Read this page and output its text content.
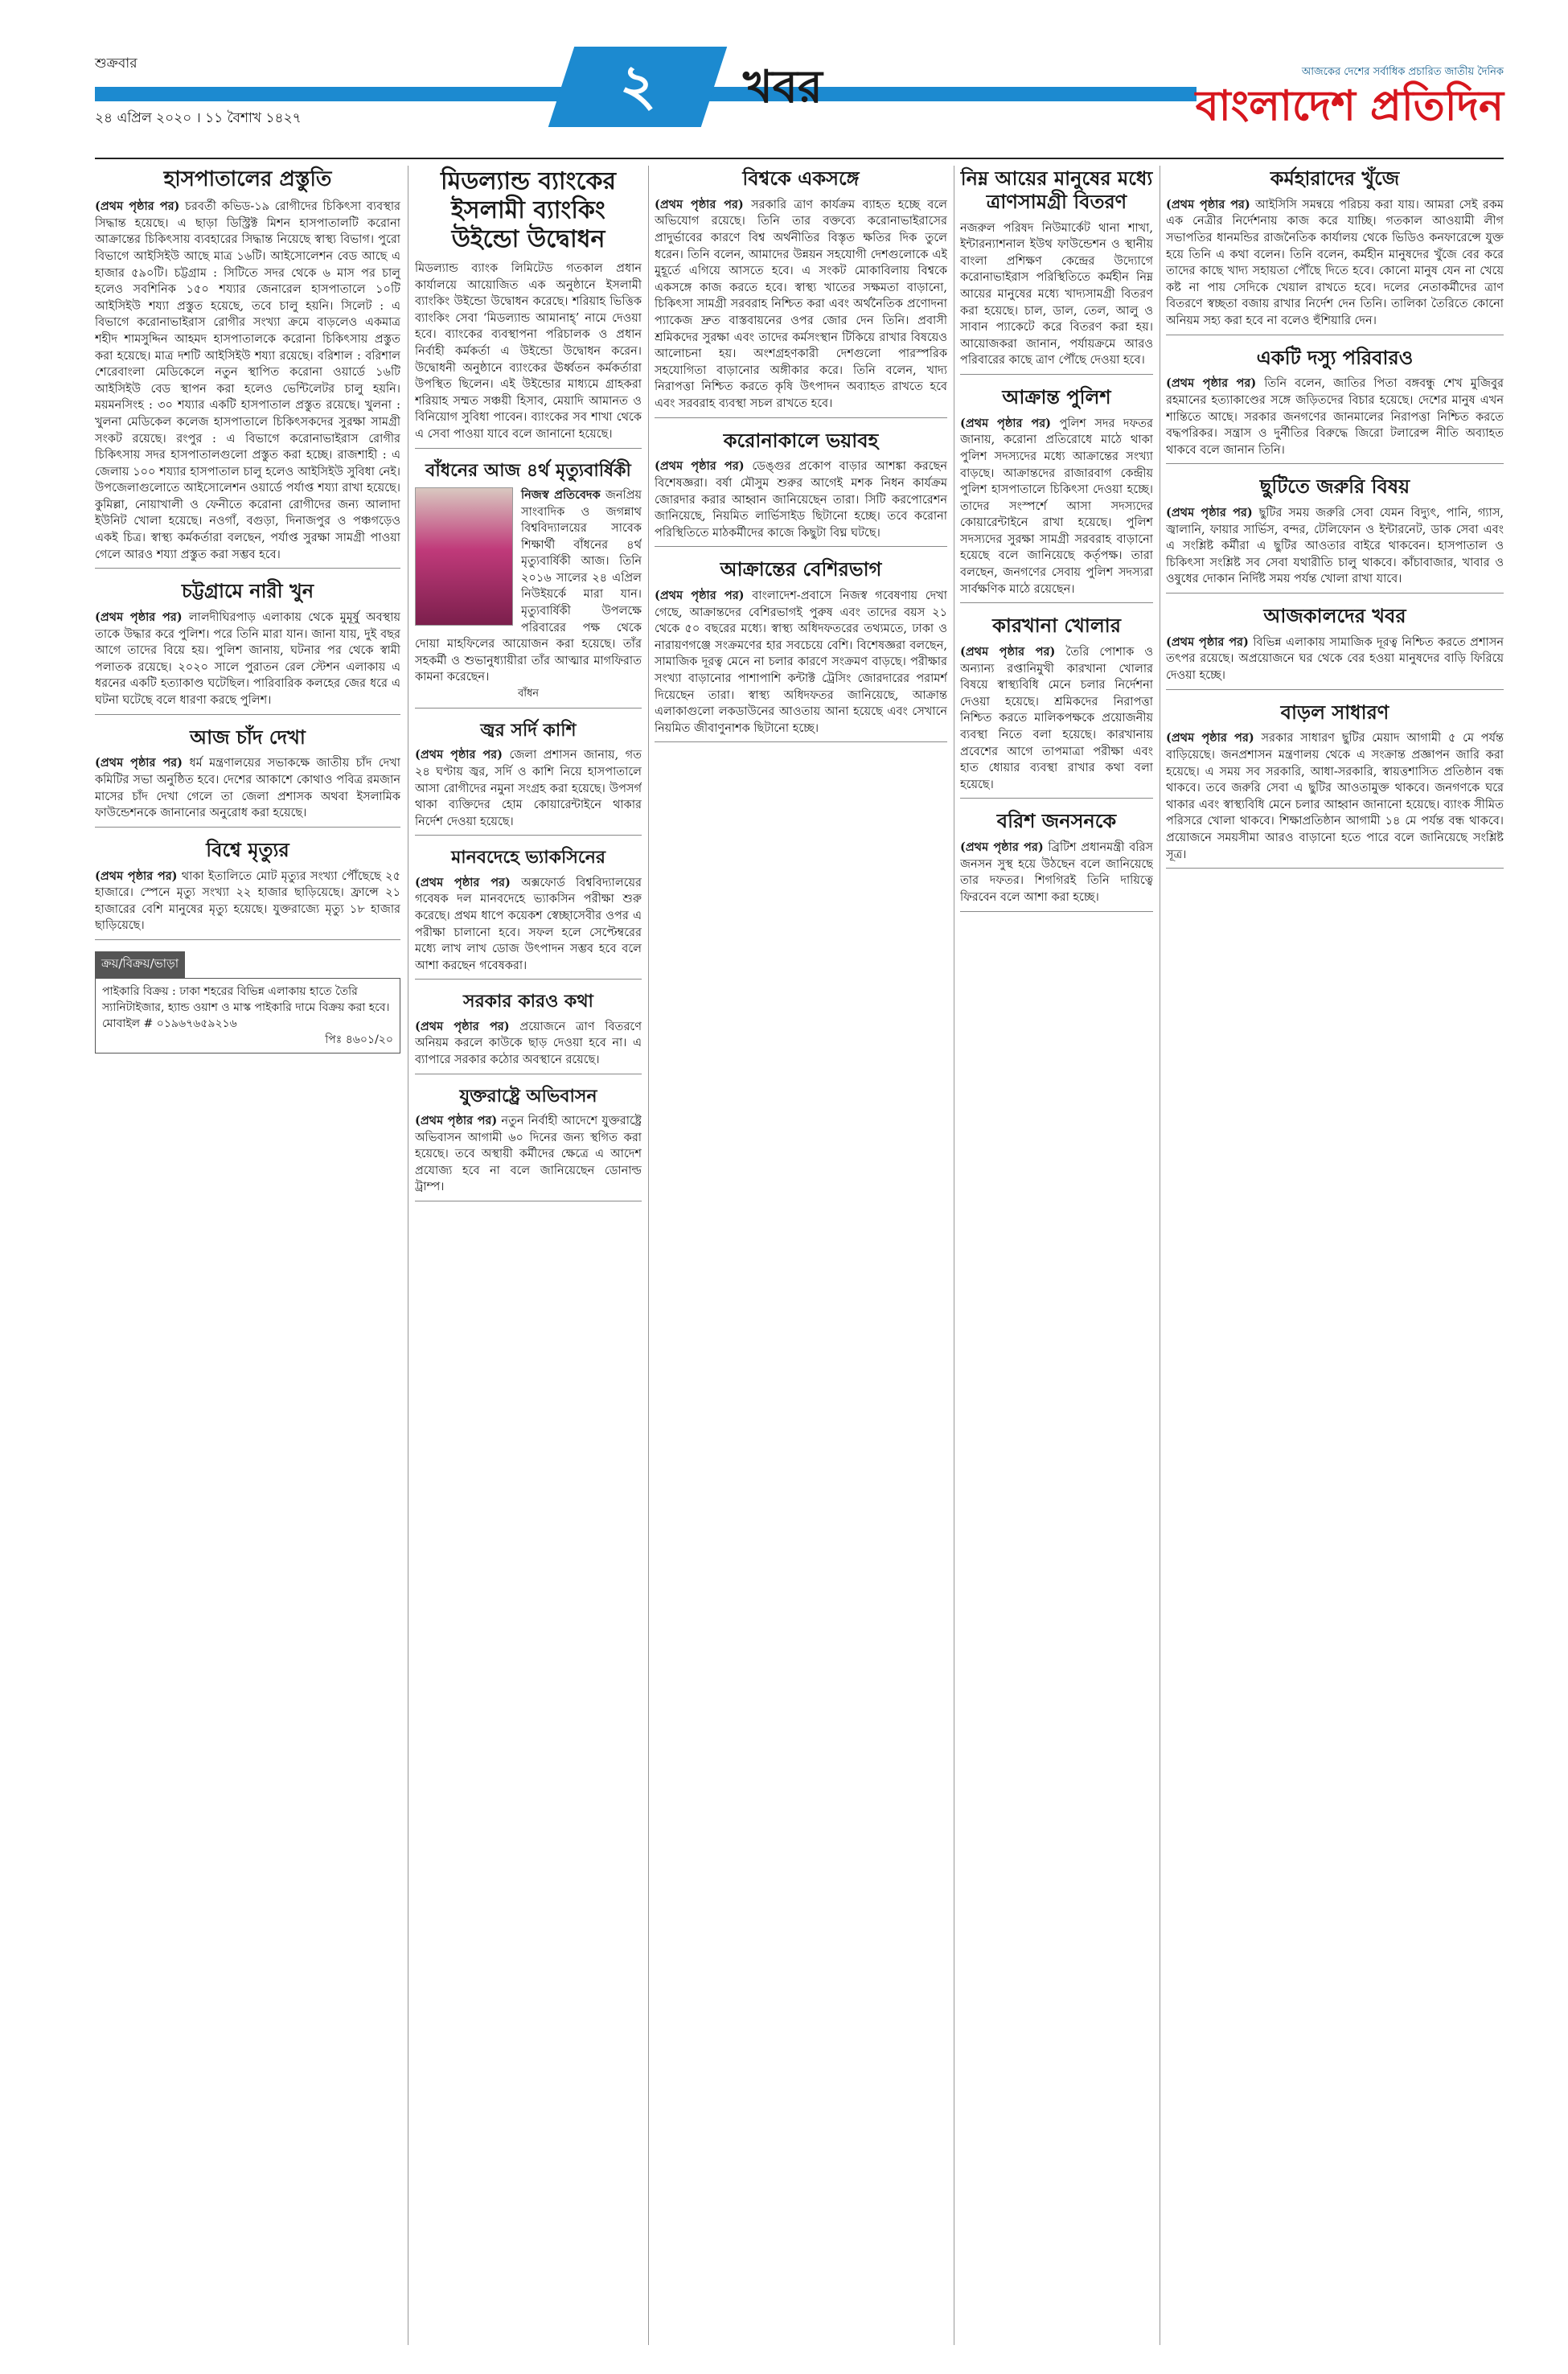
শুক্রবার
২৪ এপ্রিল ২০২০ । ১১ বৈশাখ ১৪২৭	২	খবর	আজকের দেশের সর্বাধিক প্রচারিত জাতীয় দৈনিক
বাংলাদেশ প্রতিদিন
হাসপাতালের প্রস্তুতি

(প্রথম পৃষ্ঠার পর) চরবর্তী কভিড-১৯ রোগীদের চিকিৎসা ব্যবস্থার সিদ্ধান্ত হয়েছে। এ ছাড়া ডিস্ট্রিক্ট মিশন হাসপাতালটি করোনা আক্রান্তের চিকিৎসায় ব্যবহারের সিদ্ধান্ত নিয়েছে স্বাস্থ্য বিভাগ। পুরো বিভাগে আইসিইউ আছে মাত্র ১৬টি। আইসোলেশন বেড আছে এ হাজার ৫৯০টি। চট্টগ্রাম : সিটিতে সদর থেকে ৬ মাস পর চালু হলেও সবশিনিক ১৫০ শয্যার জেনারেল হাসপাতালে ১০টি আইসিইউ শয্যা প্রস্তুত হয়েছে, তবে চালু হয়নি। সিলেট : এ বিভাগে করোনাভাইরাস রোগীর সংখ্যা ক্রমে বাড়লেও একমাত্র শহীদ শামসুদ্দিন আহমদ হাসপাতালকে করোনা চিকিৎসায় প্রস্তুত করা হয়েছে। মাত্র দশটি আইসিইউ শয্যা রয়েছে। বরিশাল : বরিশাল শেরেবাংলা মেডিকেলে নতুন স্থাপিত করোনা ওয়ার্ডে ১৬টি আইসিইউ বেড স্থাপন করা হলেও ভেন্টিলেটর চালু হয়নি। ময়মনসিংহ : ৩০ শয্যার একটি হাসপাতাল প্রস্তুত রয়েছে। খুলনা : খুলনা মেডিকেল কলেজ হাসপাতালে চিকিৎসকদের সুরক্ষা সামগ্রী সংকট রয়েছে। রংপুর : এ বিভাগে করোনাভাইরাস রোগীর চিকিৎসায় সদর হাসপাতালগুলো প্রস্তুত করা হচ্ছে। রাজশাহী : এ জেলায় ১০০ শয্যার হাসপাতাল চালু হলেও আইসিইউ সুবিধা নেই। উপজেলাগুলোতে আইসোলেশন ওয়ার্ডে পর্যাপ্ত শয্যা রাখা হয়েছে। কুমিল্লা, নোয়াখালী ও ফেনীতে করোনা রোগীদের জন্য আলাদা ইউনিট খোলা হয়েছে। নওগাঁ, বগুড়া, দিনাজপুর ও পঞ্চগড়েও একই চিত্র। স্বাস্থ্য কর্মকর্তারা বলছেন, পর্যাপ্ত সুরক্ষা সামগ্রী পাওয়া গেলে আরও শয্যা প্রস্তুত করা সম্ভব হবে।

চট্টগ্রামে নারী খুন

(প্রথম পৃষ্ঠার পর) লালদীঘিরপাড় এলাকায় থেকে মুমূর্ষু অবস্থায় তাকে উদ্ধার করে পুলিশ। পরে তিনি মারা যান। জানা যায়, দুই বছর আগে তাদের বিয়ে হয়। পুলিশ জানায়, ঘটনার পর থেকে স্বামী পলাতক রয়েছে। ২০২০ সালে পুরাতন রেল স্টেশন এলাকায় এ ধরনের একটি হত্যাকাণ্ড ঘটেছিল। পারিবারিক কলহের জের ধরে এ ঘটনা ঘটেছে বলে ধারণা করছে পুলিশ।

আজ চাঁদ দেখা

(প্রথম পৃষ্ঠার পর) ধর্ম মন্ত্রণালয়ের সভাকক্ষে জাতীয় চাঁদ দেখা কমিটির সভা অনুষ্ঠিত হবে। দেশের আকাশে কোথাও পবিত্র রমজান মাসের চাঁদ দেখা গেলে তা জেলা প্রশাসক অথবা ইসলামিক ফাউন্ডেশনকে জানানোর অনুরোধ করা হয়েছে।

বিশ্বে মৃত্যুর

(প্রথম পৃষ্ঠার পর) থাকা ইতালিতে মোট মৃত্যুর সংখ্যা পৌঁছেছে ২৫ হাজারে। স্পেনে মৃত্যু সংখ্যা ২২ হাজার ছাড়িয়েছে। ফ্রান্সে ২১ হাজারের বেশি মানুষের মৃত্যু হয়েছে। যুক্তরাজ্যে মৃত্যু ১৮ হাজার ছাড়িয়েছে।

ক্রয়/বিক্রয়/ভাড়া
পাইকারি বিক্রয় : ঢাকা শহরের বিভিন্ন এলাকায় হাতে তৈরি স্যানিটাইজার, হ্যান্ড ওয়াশ ও মাস্ক পাইকারি দামে বিক্রয় করা হবে। মোবাইল # ০১৯৬৭৬৫৯২১৬
পিঃ ৪৬০১/২০
মিডল্যান্ড ব্যাংকের ইসলামী ব্যাংকিং উইন্ডো উদ্বোধন

মিডল্যান্ড ব্যাংক লিমিটেড গতকাল প্রধান কার্যালয়ে আয়োজিত এক অনুষ্ঠানে ইসলামী ব্যাংকিং উইন্ডো উদ্বোধন করেছে। শরিয়াহ ভিত্তিক ব্যাংকিং সেবা ‘মিডল্যান্ড আমানাহ্’ নামে দেওয়া হবে। ব্যাংকের ব্যবস্থাপনা পরিচালক ও প্রধান নির্বাহী কর্মকর্তা এ উইন্ডো উদ্বোধন করেন। উদ্বোধনী অনুষ্ঠানে ব্যাংকের ঊর্ধ্বতন কর্মকর্তারা উপস্থিত ছিলেন। এই উইন্ডোর মাধ্যমে গ্রাহকরা শরিয়াহ সম্মত সঞ্চয়ী হিসাব, মেয়াদি আমানত ও বিনিয়োগ সুবিধা পাবেন। ব্যাংকের সব শাখা থেকে এ সেবা পাওয়া যাবে বলে জানানো হয়েছে।

বাঁধনের আজ ৪র্থ মৃত্যুবার্ষিকী

নিজস্ব প্রতিবেদক জনপ্রিয় সাংবাদিক ও জগন্নাথ বিশ্ববিদ্যালয়ের সাবেক শিক্ষার্থী বাঁধনের ৪র্থ মৃত্যুবার্ষিকী আজ। তিনি ২০১৬ সালের ২৪ এপ্রিল নিউইয়র্কে মারা যান। মৃত্যুবার্ষিকী উপলক্ষে পরিবারের পক্ষ থেকে দোয়া মাহফিলের আয়োজন করা হয়েছে। তাঁর সহকর্মী ও শুভানুধ্যায়ীরা তাঁর আত্মার মাগফিরাত কামনা করেছেন।

বাঁধন
জ্বর সর্দি কাশি

(প্রথম পৃষ্ঠার পর) জেলা প্রশাসন জানায়, গত ২৪ ঘণ্টায় জ্বর, সর্দি ও কাশি নিয়ে হাসপাতালে আসা রোগীদের নমুনা সংগ্রহ করা হয়েছে। উপসর্গ থাকা ব্যক্তিদের হোম কোয়ারেন্টাইনে থাকার নির্দেশ দেওয়া হয়েছে।

মানবদেহে ভ্যাকসিনের

(প্রথম পৃষ্ঠার পর) অক্সফোর্ড বিশ্ববিদ্যালয়ের গবেষক দল মানবদেহে ভ্যাকসিন পরীক্ষা শুরু করেছে। প্রথম ধাপে কয়েকশ স্বেচ্ছাসেবীর ওপর এ পরীক্ষা চালানো হবে। সফল হলে সেপ্টেম্বরের মধ্যে লাখ লাখ ডোজ উৎপাদন সম্ভব হবে বলে আশা করছেন গবেষকরা।

সরকার কারও কথা

(প্রথম পৃষ্ঠার পর) প্রয়োজনে ত্রাণ বিতরণে অনিয়ম করলে কাউকে ছাড় দেওয়া হবে না। এ ব্যাপারে সরকার কঠোর অবস্থানে রয়েছে।

যুক্তরাষ্ট্রে অভিবাসন

(প্রথম পৃষ্ঠার পর) নতুন নির্বাহী আদেশে যুক্তরাষ্ট্রে অভিবাসন আগামী ৬০ দিনের জন্য স্থগিত করা হয়েছে। তবে অস্থায়ী কর্মীদের ক্ষেত্রে এ আদেশ প্রযোজ্য হবে না বলে জানিয়েছেন ডোনাল্ড ট্রাম্প।

বিশ্বকে একসঙ্গে

(প্রথম পৃষ্ঠার পর) সরকারি ত্রাণ কার্যক্রম ব্যাহত হচ্ছে বলে অভিযোগ রয়েছে। তিনি তার বক্তব্যে করোনাভাইরাসের প্রাদুর্ভাবের কারণে বিশ্ব অর্থনীতির বিস্তৃত ক্ষতির দিক তুলে ধরেন। তিনি বলেন, আমাদের উন্নয়ন সহযোগী দেশগুলোকে এই মুহূর্তে এগিয়ে আসতে হবে। এ সংকট মোকাবিলায় বিশ্বকে একসঙ্গে কাজ করতে হবে। স্বাস্থ্য খাতের সক্ষমতা বাড়ানো, চিকিৎসা সামগ্রী সরবরাহ নিশ্চিত করা এবং অর্থনৈতিক প্রণোদনা প্যাকেজ দ্রুত বাস্তবায়নের ওপর জোর দেন তিনি। প্রবাসী শ্রমিকদের সুরক্ষা এবং তাদের কর্মসংস্থান টিকিয়ে রাখার বিষয়েও আলোচনা হয়। অংশগ্রহণকারী দেশগুলো পারস্পরিক সহযোগিতা বাড়ানোর অঙ্গীকার করে। তিনি বলেন, খাদ্য নিরাপত্তা নিশ্চিত করতে কৃষি উৎপাদন অব্যাহত রাখতে হবে এবং সরবরাহ ব্যবস্থা সচল রাখতে হবে।

করোনাকালে ভয়াবহ

(প্রথম পৃষ্ঠার পর) ডেঙ্গুর প্রকোপ বাড়ার আশঙ্কা করছেন বিশেষজ্ঞরা। বর্ষা মৌসুম শুরুর আগেই মশক নিধন কার্যক্রম জোরদার করার আহ্বান জানিয়েছেন তারা। সিটি করপোরেশন জানিয়েছে, নিয়মিত লার্ভিসাইড ছিটানো হচ্ছে। তবে করোনা পরিস্থিতিতে মাঠকর্মীদের কাজে কিছুটা বিঘ্ন ঘটছে।

আক্রান্তের বেশিরভাগ

(প্রথম পৃষ্ঠার পর) বাংলাদেশ-প্রবাসে নিজস্ব গবেষণায় দেখা গেছে, আক্রান্তদের বেশিরভাগই পুরুষ এবং তাদের বয়স ২১ থেকে ৫০ বছরের মধ্যে। স্বাস্থ্য অধিদফতরের তথ্যমতে, ঢাকা ও নারায়ণগঞ্জে সংক্রমণের হার সবচেয়ে বেশি। বিশেষজ্ঞরা বলছেন, সামাজিক দূরত্ব মেনে না চলার কারণে সংক্রমণ বাড়ছে। পরীক্ষার সংখ্যা বাড়ানোর পাশাপাশি কন্টাক্ট ট্রেসিং জোরদারের পরামর্শ দিয়েছেন তারা। স্বাস্থ্য অধিদফতর জানিয়েছে, আক্রান্ত এলাকাগুলো লকডাউনের আওতায় আনা হয়েছে এবং সেখানে নিয়মিত জীবাণুনাশক ছিটানো হচ্ছে।

নিম্ন আয়ের মানুষের মধ্যে ত্রাণসামগ্রী বিতরণ

নজরুল পরিষদ নিউমার্কেট থানা শাখা, ইন্টারন্যাশনাল ইউথ ফাউন্ডেশন ও স্থানীয় বাংলা প্রশিক্ষণ কেন্দ্রের উদ্যোগে করোনাভাইরাস পরিস্থিতিতে কর্মহীন নিম্ন আয়ের মানুষের মধ্যে খাদ্যসামগ্রী বিতরণ করা হয়েছে। চাল, ডাল, তেল, আলু ও সাবান প্যাকেটে করে বিতরণ করা হয়। আয়োজকরা জানান, পর্যায়ক্রমে আরও পরিবারের কাছে ত্রাণ পৌঁছে দেওয়া হবে।

আক্রান্ত পুলিশ

(প্রথম পৃষ্ঠার পর) পুলিশ সদর দফতর জানায়, করোনা প্রতিরোধে মাঠে থাকা পুলিশ সদস্যদের মধ্যে আক্রান্তের সংখ্যা বাড়ছে। আক্রান্তদের রাজারবাগ কেন্দ্রীয় পুলিশ হাসপাতালে চিকিৎসা দেওয়া হচ্ছে। তাদের সংস্পর্শে আসা সদস্যদের কোয়ারেন্টাইনে রাখা হয়েছে। পুলিশ সদস্যদের সুরক্ষা সামগ্রী সরবরাহ বাড়ানো হয়েছে বলে জানিয়েছে কর্তৃপক্ষ। তারা বলছেন, জনগণের সেবায় পুলিশ সদস্যরা সার্বক্ষণিক মাঠে রয়েছেন।

কারখানা খোলার

(প্রথম পৃষ্ঠার পর) তৈরি পোশাক ও অন্যান্য রপ্তানিমুখী কারখানা খোলার বিষয়ে স্বাস্থ্যবিধি মেনে চলার নির্দেশনা দেওয়া হয়েছে। শ্রমিকদের নিরাপত্তা নিশ্চিত করতে মালিকপক্ষকে প্রয়োজনীয় ব্যবস্থা নিতে বলা হয়েছে। কারখানায় প্রবেশের আগে তাপমাত্রা পরীক্ষা এবং হাত ধোয়ার ব্যবস্থা রাখার কথা বলা হয়েছে।

বরিশ জনসনকে

(প্রথম পৃষ্ঠার পর) ব্রিটিশ প্রধানমন্ত্রী বরিস জনসন সুস্থ হয়ে উঠছেন বলে জানিয়েছে তার দফতর। শিগগিরই তিনি দায়িত্বে ফিরবেন বলে আশা করা হচ্ছে।

কর্মহারাদের খুঁজে

(প্রথম পৃষ্ঠার পর) আইসিসি সমন্বয়ে পরিচয় করা যায়। আমরা সেই রকম এক নেত্রীর নির্দেশনায় কাজ করে যাচ্ছি। গতকাল আওয়ামী লীগ সভাপতির ধানমন্ডির রাজনৈতিক কার্যালয় থেকে ভিডিও কনফারেন্সে যুক্ত হয়ে তিনি এ কথা বলেন। তিনি বলেন, কর্মহীন মানুষদের খুঁজে বের করে তাদের কাছে খাদ্য সহায়তা পৌঁছে দিতে হবে। কোনো মানুষ যেন না খেয়ে কষ্ট না পায় সেদিকে খেয়াল রাখতে হবে। দলের নেতাকর্মীদের ত্রাণ বিতরণে স্বচ্ছতা বজায় রাখার নির্দেশ দেন তিনি। তালিকা তৈরিতে কোনো অনিয়ম সহ্য করা হবে না বলেও হুঁশিয়ারি দেন।

একটি দস্যু পরিবারও

(প্রথম পৃষ্ঠার পর) তিনি বলেন, জাতির পিতা বঙ্গবন্ধু শেখ মুজিবুর রহমানের হত্যাকাণ্ডের সঙ্গে জড়িতদের বিচার হয়েছে। দেশের মানুষ এখন শান্তিতে আছে। সরকার জনগণের জানমালের নিরাপত্তা নিশ্চিত করতে বদ্ধপরিকর। সন্ত্রাস ও দুর্নীতির বিরুদ্ধে জিরো টলারেন্স নীতি অব্যাহত থাকবে বলে জানান তিনি।

ছুটিতে জরুরি বিষয়

(প্রথম পৃষ্ঠার পর) ছুটির সময় জরুরি সেবা যেমন বিদ্যুৎ, পানি, গ্যাস, জ্বালানি, ফায়ার সার্ভিস, বন্দর, টেলিফোন ও ইন্টারনেট, ডাক সেবা এবং এ সংশ্লিষ্ট কর্মীরা এ ছুটির আওতার বাইরে থাকবেন। হাসপাতাল ও চিকিৎসা সংশ্লিষ্ট সব সেবা যথারীতি চালু থাকবে। কাঁচাবাজার, খাবার ও ওষুধের দোকান নির্দিষ্ট সময় পর্যন্ত খোলা রাখা যাবে।

আজকালদের খবর

(প্রথম পৃষ্ঠার পর) বিভিন্ন এলাকায় সামাজিক দূরত্ব নিশ্চিত করতে প্রশাসন তৎপর রয়েছে। অপ্রয়োজনে ঘর থেকে বের হওয়া মানুষদের বাড়ি ফিরিয়ে দেওয়া হচ্ছে।

বাড়ল সাধারণ

(প্রথম পৃষ্ঠার পর) সরকার সাধারণ ছুটির মেয়াদ আগামী ৫ মে পর্যন্ত বাড়িয়েছে। জনপ্রশাসন মন্ত্রণালয় থেকে এ সংক্রান্ত প্রজ্ঞাপন জারি করা হয়েছে। এ সময় সব সরকারি, আধা-সরকারি, স্বায়ত্তশাসিত প্রতিষ্ঠান বন্ধ থাকবে। তবে জরুরি সেবা এ ছুটির আওতামুক্ত থাকবে। জনগণকে ঘরে থাকার এবং স্বাস্থ্যবিধি মেনে চলার আহ্বান জানানো হয়েছে। ব্যাংক সীমিত পরিসরে খোলা থাকবে। শিক্ষাপ্রতিষ্ঠান আগামী ১৪ মে পর্যন্ত বন্ধ থাকবে। প্রয়োজনে সময়সীমা আরও বাড়ানো হতে পারে বলে জানিয়েছে সংশ্লিষ্ট সূত্র।
